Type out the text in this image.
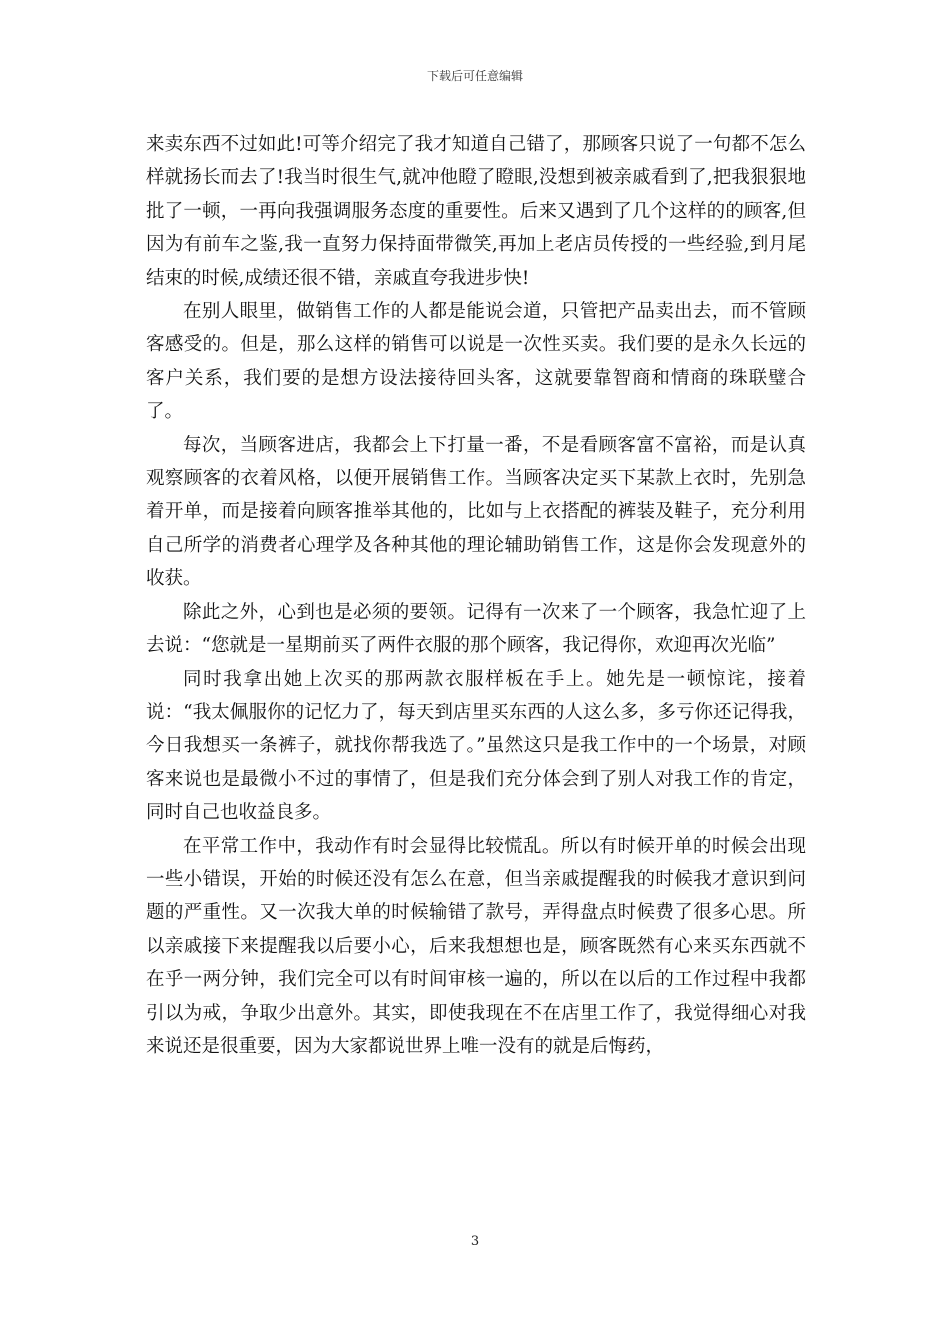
下载后可任意编辑

来卖东西不过如此!可等介绍完了我才知道自己错了，那顾客只说了一句都不怎么样就扬长而去了!我当时很生气,就冲他瞪了瞪眼,没想到被亲戚看到了,把我狠狠地批了一顿，一再向我强调服务态度的重要性。后来又遇到了几个这样的的顾客,但因为有前车之鉴,我一直努力保持面带微笑,再加上老店员传授的一些经验,到月尾结束的时候,成绩还很不错，亲戚直夸我进步快!

在别人眼里，做销售工作的人都是能说会道，只管把产品卖出去，而不管顾客感受的。但是，那么这样的销售可以说是一次性买卖。我们要的是永久长远的客户关系，我们要的是想方设法接待回头客，这就要靠智商和情商的珠联璧合了。

每次，当顾客进店，我都会上下打量一番，不是看顾客富不富裕，而是认真观察顾客的衣着风格，以便开展销售工作。当顾客决定买下某款上衣时，先别急着开单，而是接着向顾客推举其他的，比如与上衣搭配的裤装及鞋子，充分利用自己所学的消费者心理学及各种其他的理论辅助销售工作，这是你会发现意外的收获。

除此之外，心到也是必须的要领。记得有一次来了一个顾客，我急忙迎了上去说：“您就是一星期前买了两件衣服的那个顾客，我记得你，欢迎再次光临”

同时我拿出她上次买的那两款衣服样板在手上。她先是一顿惊诧，接着说：“我太佩服你的记忆力了，每天到店里买东西的人这么多，多亏你还记得我，今日我想买一条裤子，就找你帮我选了。”虽然这只是我工作中的一个场景，对顾客来说也是最微小不过的事情了，但是我们充分体会到了别人对我工作的肯定，同时自己也收益良多。

在平常工作中，我动作有时会显得比较慌乱。所以有时候开单的时候会出现一些小错误，开始的时候还没有怎么在意，但当亲戚提醒我的时候我才意识到问题的严重性。又一次我大单的时候输错了款号，弄得盘点时候费了很多心思。所以亲戚接下来提醒我以后要小心，后来我想想也是，顾客既然有心来买东西就不在乎一两分钟，我们完全可以有时间审核一遍的，所以在以后的工作过程中我都引以为戒，争取少出意外。其实，即使我现在不在店里工作了，我觉得细心对我来说还是很重要，因为大家都说世界上唯一没有的就是后悔药，

3
